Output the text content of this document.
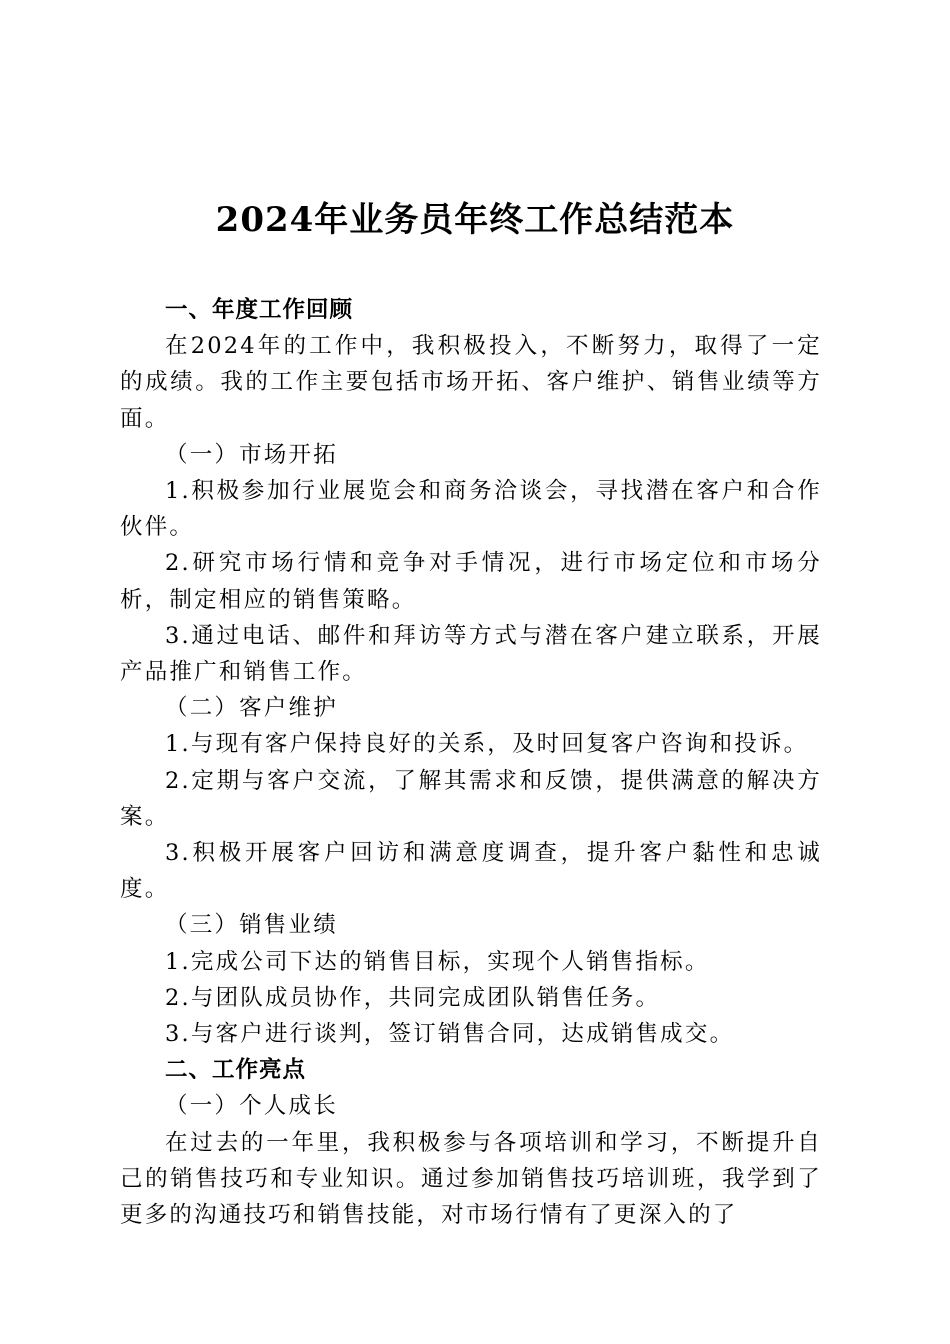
2024年业务员年终工作总结范本

一、年度工作回顾

在2024年的工作中，我积极投入，不断努力，取得了一定的成绩。我的工作主要包括市场开拓、客户维护、销售业绩等方面。

（一）市场开拓

1.积极参加行业展览会和商务洽谈会，寻找潜在客户和合作伙伴。

2.研究市场行情和竞争对手情况，进行市场定位和市场分析，制定相应的销售策略。

3.通过电话、邮件和拜访等方式与潜在客户建立联系，开展产品推广和销售工作。

（二）客户维护

1.与现有客户保持良好的关系，及时回复客户咨询和投诉。

2.定期与客户交流，了解其需求和反馈，提供满意的解决方案。

3.积极开展客户回访和满意度调查，提升客户黏性和忠诚度。

（三）销售业绩

1.完成公司下达的销售目标，实现个人销售指标。

2.与团队成员协作，共同完成团队销售任务。

3.与客户进行谈判，签订销售合同，达成销售成交。

二、工作亮点

（一）个人成长

在过去的一年里，我积极参与各项培训和学习，不断提升自己的销售技巧和专业知识。通过参加销售技巧培训班，我学到了更多的沟通技巧和销售技能，对市场行情有了更深入的了
